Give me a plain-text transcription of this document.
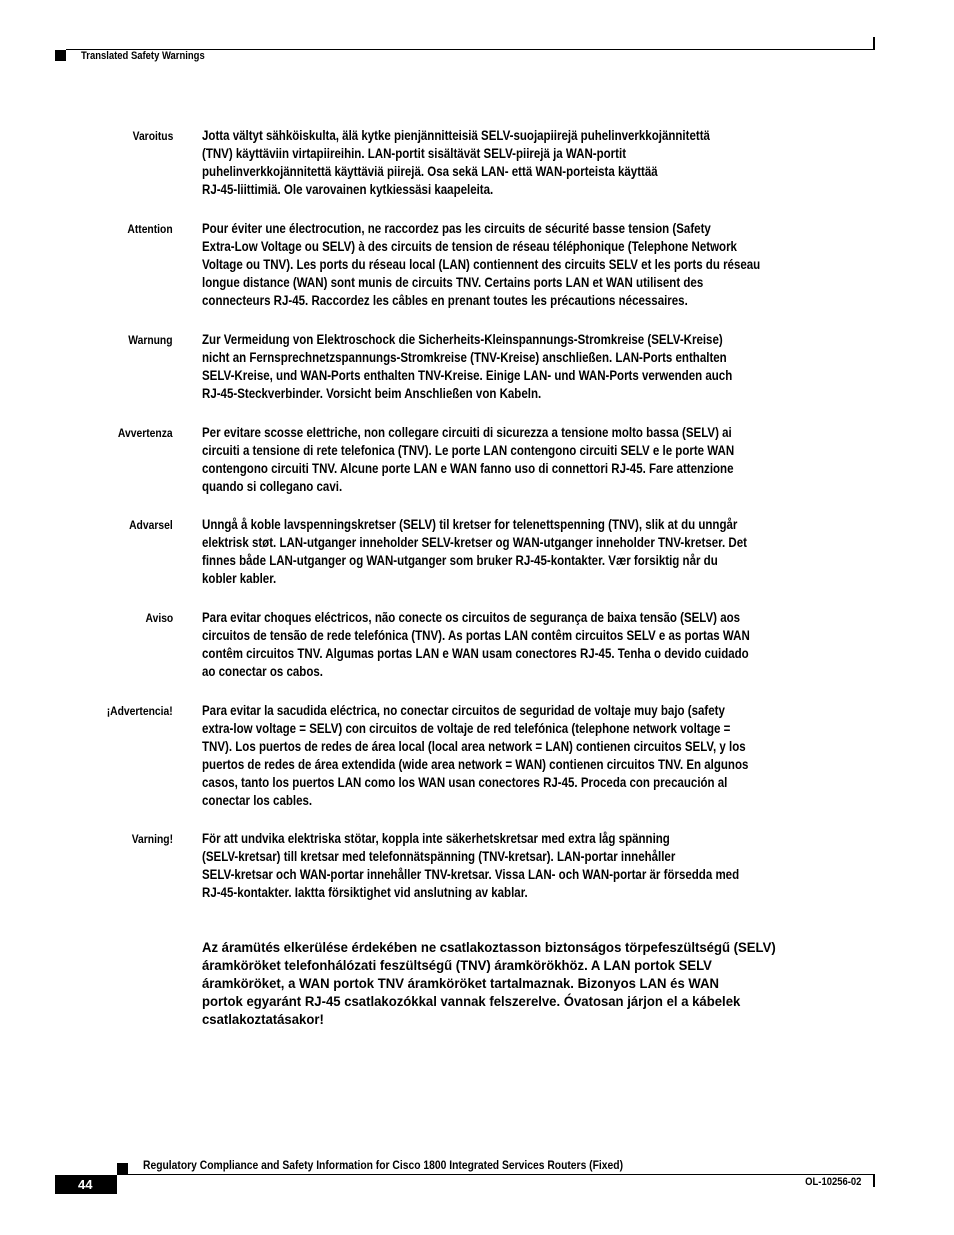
Translated Safety Warnings
Varoitus Jotta vältyt sähköiskulta, älä kytke pienjännitteisiä SELV-suojapiirejä puhelinverkkojännitettä
(TNV) käyttäviin virtapiireihin. LAN-portit sisältävät SELV-piirejä ja WAN-portit
puhelinverkkojännitettä käyttäviä piirejä. Osa sekä LAN- että WAN-porteista käyttää
RJ-45-liittimiä. Ole varovainen kytkiessäsi kaapeleita.
Attention Pour éviter une électrocution, ne raccordez pas les circuits de sécurité basse tension (Safety
Extra-Low Voltage ou SELV) à des circuits de tension de réseau téléphonique (Telephone Network
Voltage ou TNV). Les ports du réseau local (LAN) contiennent des circuits SELV et les ports du réseau
longue distance (WAN) sont munis de circuits TNV. Certains ports LAN et WAN utilisent des
connecteurs RJ-45. Raccordez les câbles en prenant toutes les précautions nécessaires.
Warnung Zur Vermeidung von Elektroschock die Sicherheits-Kleinspannungs-Stromkreise (SELV-Kreise)
nicht an Fernsprechnetzspannungs-Stromkreise (TNV-Kreise) anschließen. LAN-Ports enthalten
SELV-Kreise, und WAN-Ports enthalten TNV-Kreise. Einige LAN- und WAN-Ports verwenden auch
RJ-45-Steckverbinder. Vorsicht beim Anschließen von Kabeln.
Avvertenza Per evitare scosse elettriche, non collegare circuiti di sicurezza a tensione molto bassa (SELV) ai
circuiti a tensione di rete telefonica (TNV). Le porte LAN contengono circuiti SELV e le porte WAN
contengono circuiti TNV. Alcune porte LAN e WAN fanno uso di connettori RJ-45. Fare attenzione
quando si collegano cavi.
Advarsel Unngå å koble lavspenningskretser (SELV) til kretser for telenettspenning (TNV), slik at du unngår
elektrisk støt. LAN-utganger inneholder SELV-kretser og WAN-utganger inneholder TNV-kretser. Det
finnes både LAN-utganger og WAN-utganger som bruker RJ-45-kontakter. Vær forsiktig når du
kobler kabler.
Aviso Para evitar choques eléctricos, não conecte os circuitos de segurança de baixa tensão (SELV) aos
circuitos de tensão de rede telefónica (TNV). As portas LAN contêm circuitos SELV e as portas WAN
contêm circuitos TNV. Algumas portas LAN e WAN usam conectores RJ-45. Tenha o devido cuidado
ao conectar os cabos.
¡Advertencia! Para evitar la sacudida eléctrica, no conectar circuitos de seguridad de voltaje muy bajo (safety
extra-low voltage = SELV) con circuitos de voltaje de red telefónica (telephone network voltage =
TNV). Los puertos de redes de área local (local area network = LAN) contienen circuitos SELV, y los
puertos de redes de área extendida (wide area network = WAN) contienen circuitos TNV. En algunos
casos, tanto los puertos LAN como los WAN usan conectores RJ-45. Proceda con precaución al
conectar los cables.
Varning! För att undvika elektriska stötar, koppla inte säkerhetskretsar med extra låg spänning
(SELV-kretsar) till kretsar med telefonnätspänning (TNV-kretsar). LAN-portar innehåller
SELV-kretsar och WAN-portar innehåller TNV-kretsar. Vissa LAN- och WAN-portar är försedda med
RJ-45-kontakter. Iaktta försiktighet vid anslutning av kablar.
Az áramütés elkerülése érdekében ne csatlakoztasson biztonságos törpefeszültségű (SELV)
áramköröket telefonhálózati feszültségű (TNV) áramkörökhöz. A LAN portok SELV
áramköröket, a WAN portok TNV áramköröket tartalmaznak. Bizonyos LAN és WAN
portok egyaránt RJ-45 csatlakozókkal vannak felszerelve. Óvatosan járjon el a kábelek
csatlakoztatásakor!
Regulatory Compliance and Safety Information for Cisco 1800 Integrated Services Routers (Fixed)
44	OL-10256-02
